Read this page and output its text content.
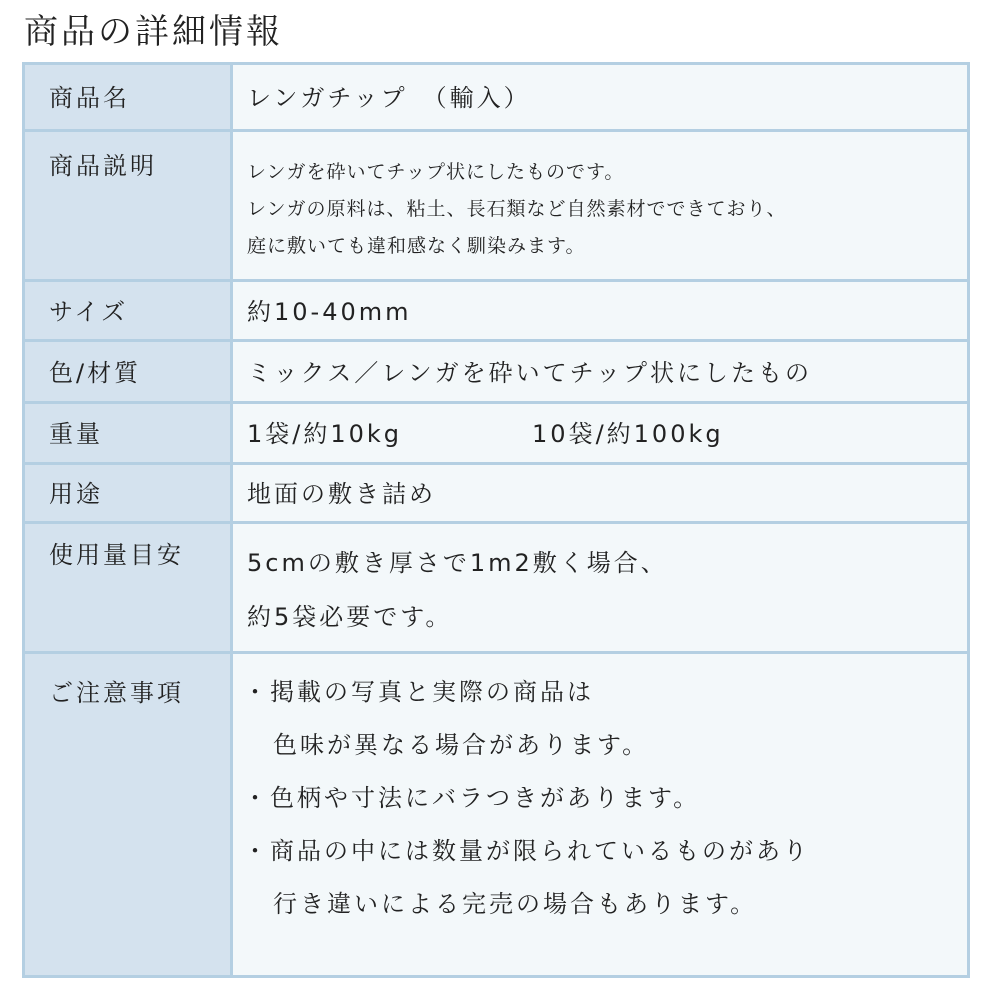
商品の詳細情報
商品名	レンガチップ　（輸入）
商品説明	レンガを砕いてチップ状にしたものです。
レンガの原料は、粘土、長石類など自然素材でできており、
庭に敷いても違和感なく馴染みます。
サイズ	約10-40mm
色/材質	ミックス／レンガを砕いてチップ状にしたもの
重量	1袋/約10kg	10袋/約100kg
用途	地面の敷き詰め
使用量目安	5cmの敷き厚さで1m2敷く場合、
約5袋必要です。
ご注意事項	・掲載の写真と実際の商品は
色味が異なる場合があります。
・色柄や寸法にバラつきがあります。
・商品の中には数量が限られているものがあり
行き違いによる完売の場合もあります。
